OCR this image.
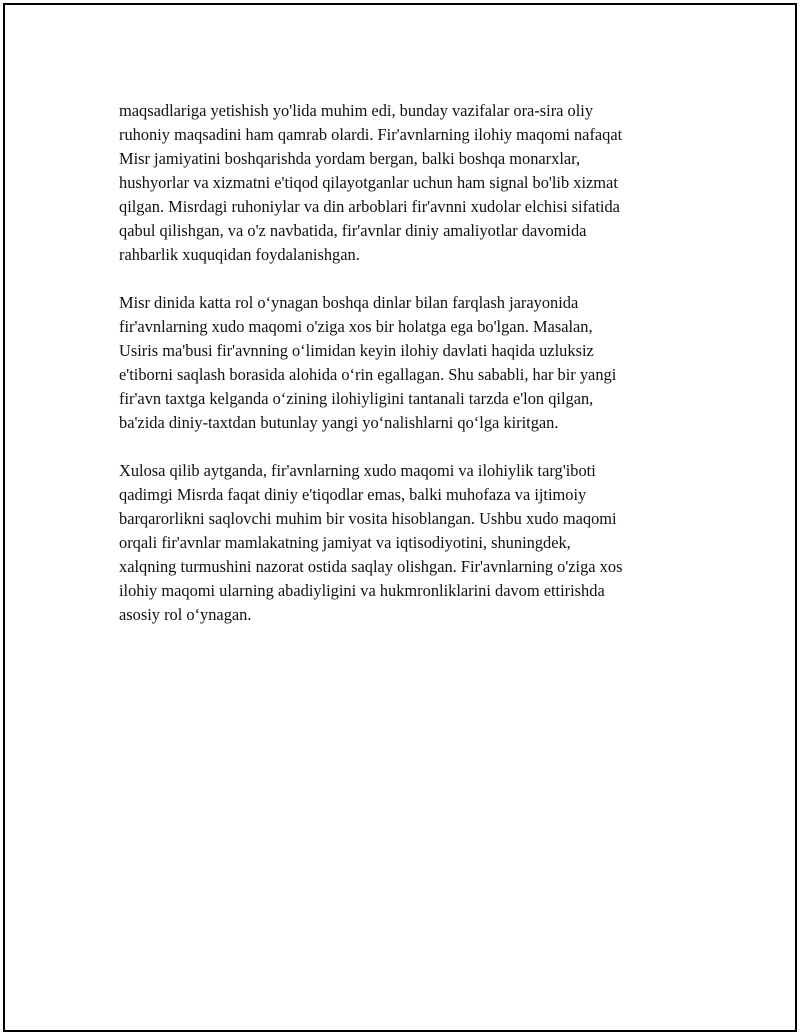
maqsadlariga yetishish yo'lida muhim edi, bunday vazifalar ora-sira oliy
ruhoniy maqsadini ham qamrab olardi. Fir'avnlarning ilohiy maqomi nafaqat
Misr jamiyatini boshqarishda yordam bergan, balki boshqa monarxlar,
hushyorlar va xizmatni e'tiqod qilayotganlar uchun ham signal bo'lib xizmat
qilgan. Misrdagi ruhoniylar va din arboblari fir'avnni xudolar elchisi sifatida
qabul qilishgan, va o'z navbatida, fir'avnlar diniy amaliyotlar davomida
rahbarlik xuquqidan foydalanishgan.

Misr dinida katta rol o‘ynagan boshqa dinlar bilan farqlash jarayonida
fir'avnlarning xudo maqomi o'ziga xos bir holatga ega bo'lgan. Masalan,
Usiris ma'busi fir'avnning o‘limidan keyin ilohiy davlati haqida uzluksiz
e'tiborni saqlash borasida alohida o‘rin egallagan. Shu sababli, har bir yangi
fir'avn taxtga kelganda o‘zining ilohiyligini tantanali tarzda e'lon qilgan,
ba'zida diniy-taxtdan butunlay yangi yo‘nalishlarni qo‘lga kiritgan.

Xulosa qilib aytganda, fir'avnlarning xudo maqomi va ilohiylik targ'iboti
qadimgi Misrda faqat diniy e'tiqodlar emas, balki muhofaza va ijtimoiy
barqarorlikni saqlovchi muhim bir vosita hisoblangan. Ushbu xudo maqomi
orqali fir'avnlar mamlakatning jamiyat va iqtisodiyotini, shuningdek,
xalqning turmushini nazorat ostida saqlay olishgan. Fir'avnlarning o'ziga xos
ilohiy maqomi ularning abadiyligini va hukmronliklarini davom ettirishda
asosiy rol o‘ynagan.
